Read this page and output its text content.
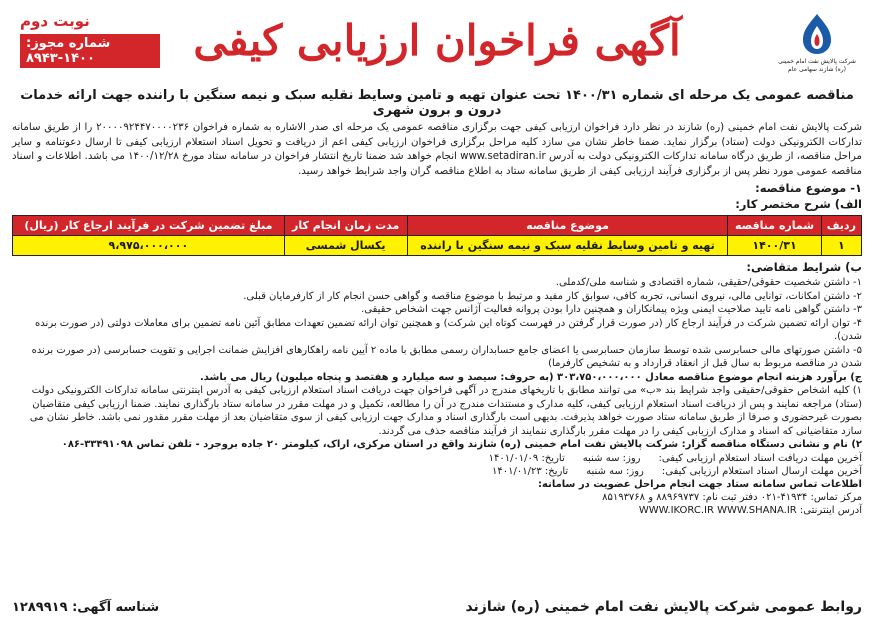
شرکت پالایش نفت امام خمینی (ره) شازند سهامی عام
آگهی فراخوان ارزیابی کیفی
نوبت دوم
شماره مجوز: ۱۴۰۰-۸۹۴۳
مناقصه عمومی یک مرحله ای شماره ۱۴۰۰/۳۱ تحت عنوان تهیه و تامین وسایط نقلیه سبک و نیمه سنگین با راننده جهت ارائه خدمات درون و برون شهری

شرکت پالایش نفت امام خمینی (ره) شازند در نظر دارد فراخوان ارزیابی کیفی جهت برگزاری مناقصه عمومی یک مرحله ای صدر الاشاره به شماره فراخوان ۲۰۰۰۰۹۲۴۴۷۰۰۰۰۲۳۶ را از طریق سامانه تدارکات الکترونیکی دولت (ستاد) برگزار نماید. ضمنا خاطر نشان می سازد کلیه مراحل برگزاری فراخوان ارزیابی کیفی اعم از دریافت و تحویل اسناد استعلام ارزیابی کیفی تا ارسال دعوتنامه و سایر مراحل مناقصه، از طریق درگاه سامانه تدارکات الکترونیکی دولت به آدرس www.setadiran.ir انجام خواهد شد ضمنا تاریخ انتشار فراخوان در سامانه ستاد مورخ ۱۴۰۰/۱۲/۲۸ می باشد. اطلاعات و اسناد مناقصه عمومی مورد نظر پس از برگزاری فرآیند ارزیابی کیفی از طریق سامانه ستاد به اطلاع مناقصه گران واجد شرایط خواهد رسید.

۱- موضوع مناقصه:
الف) شرح مختصر کار:
ردیف	شماره مناقصه	موضوع مناقصه	مدت زمان انجام کار	مبلغ تضمین شرکت در فرآیند ارجاع کار (ریال)
۱	۱۴۰۰/۳۱	تهیه و تامین وسایط نقلیه سبک و نیمه سنگین با راننده	یکسال شمسی	۹،۹۷۵،۰۰۰،۰۰۰
ب) شرایط متقاضی:

۱- داشتن شخصیت حقوقی/حقیقی، شماره اقتصادی و شناسه ملی/کدملی.

۲- داشتن امکانات، توانایی مالی، نیروی انسانی، تجربه کافی، سوابق کار مفید و مرتبط با موضوع مناقصه و گواهی حسن انجام کار از کارفرمایان قبلی.

۳- داشتن گواهی نامه تایید صلاحیت ایمنی ویژه پیمانکاران و همچنین دارا بودن پروانه فعالیت آژانس جهت اشخاص حقیقی.

۴- توان ارائه تضمین شرکت در فرآیند ارجاع کار (در صورت قرار گرفتن در فهرست کوتاه این شرکت) و همچنین توان ارائه تضمین تعهدات مطابق آئین نامه تضمین برای معاملات دولتی (در صورت برنده شدن).

۵- داشتن صورتهای مالی حسابرسی شده توسط سازمان حسابرسی یا اعضای جامع حسابداران رسمی مطابق با ماده ۲ آیین نامه راهکارهای افزایش ضمانت اجرایی و تقویت حسابرسی (در صورت برنده شدن در مناقصه مربوط به سال قبل از انعقاد قرارداد و به تشخیص کارفرما)

ج) برآورد هزینه انجام موضوع مناقصه معادل ۳۰۳،۷۵۰،۰۰۰،۰۰۰ (به حروف: سیصد و سه میلیارد و هفتصد و پنجاه میلیون) ریال می باشد.

۱) کلیه اشخاص حقوقی/حقیقی واجد شرایط بند «ب» می توانند مطابق با تاریخهای مندرج در آگهی فراخوان جهت دریافت اسناد استعلام ارزیابی کیفی به آدرس اینترنتی سامانه تدارکات الکترونیکی دولت (ستاد) مراجعه نمایند و پس از دریافت اسناد استعلام ارزیابی کیفی، کلیه مدارک و مستندات مندرج در آن را مطالعه، تکمیل و در مهلت مقرر در سامانه ستاد بارگذاری نمایند. ضمنا ارزیابی کیفی متقاضیان بصورت غیرحضوری و صرفا از طریق سامانه ستاد صورت خواهد پذیرفت. بدیهی است بارگذاری اسناد و مدارک جهت ارزیابی کیفی از سوی متقاضیان بعد از مهلت مقرر مقدور نمی باشد. خاطر نشان می سازد متقاضیانی که اسناد و مدارک ارزیابی کیفی را در مهلت مقرر بارگذاری ننمایند از فرآیند مناقصه حذف می گردند.

۲) نام و نشانی دستگاه مناقصه گزار: شرکت پالایش نفت امام خمینی (ره) شازند واقع در استان مرکزی، اراک، کیلومتر ۲۰ جاده بروجرد - تلفن تماس ۳۳۴۹۱۰۹۸-۰۸۶

آخرین مهلت دریافت اسناد استعلام ارزیابی کیفی:
روز: سه شنبه
تاریخ: ۱۴۰۱/۰۱/۰۹
آخرین مهلت ارسال اسناد استعلام ارزیابی کیفی:
روز: سه شنبه
تاریخ: ۱۴۰۱/۰۱/۲۳
اطلاعات تماس سامانه ستاد جهت انجام مراحل عضویت در سامانه:
مرکز تماس: ۴۱۹۳۴-۰۲۱ دفتر ثبت نام: ۸۸۹۶۹۷۳۷ و ۸۵۱۹۳۷۶۸
آدرس اینترنتی: WWW.IKORC.IR WWW.SHANA.IR
روابط عمومی شرکت پالایش نفت امام خمینی (ره) شازند
شناسه آگهی: ۱۲۸۹۹۱۹
